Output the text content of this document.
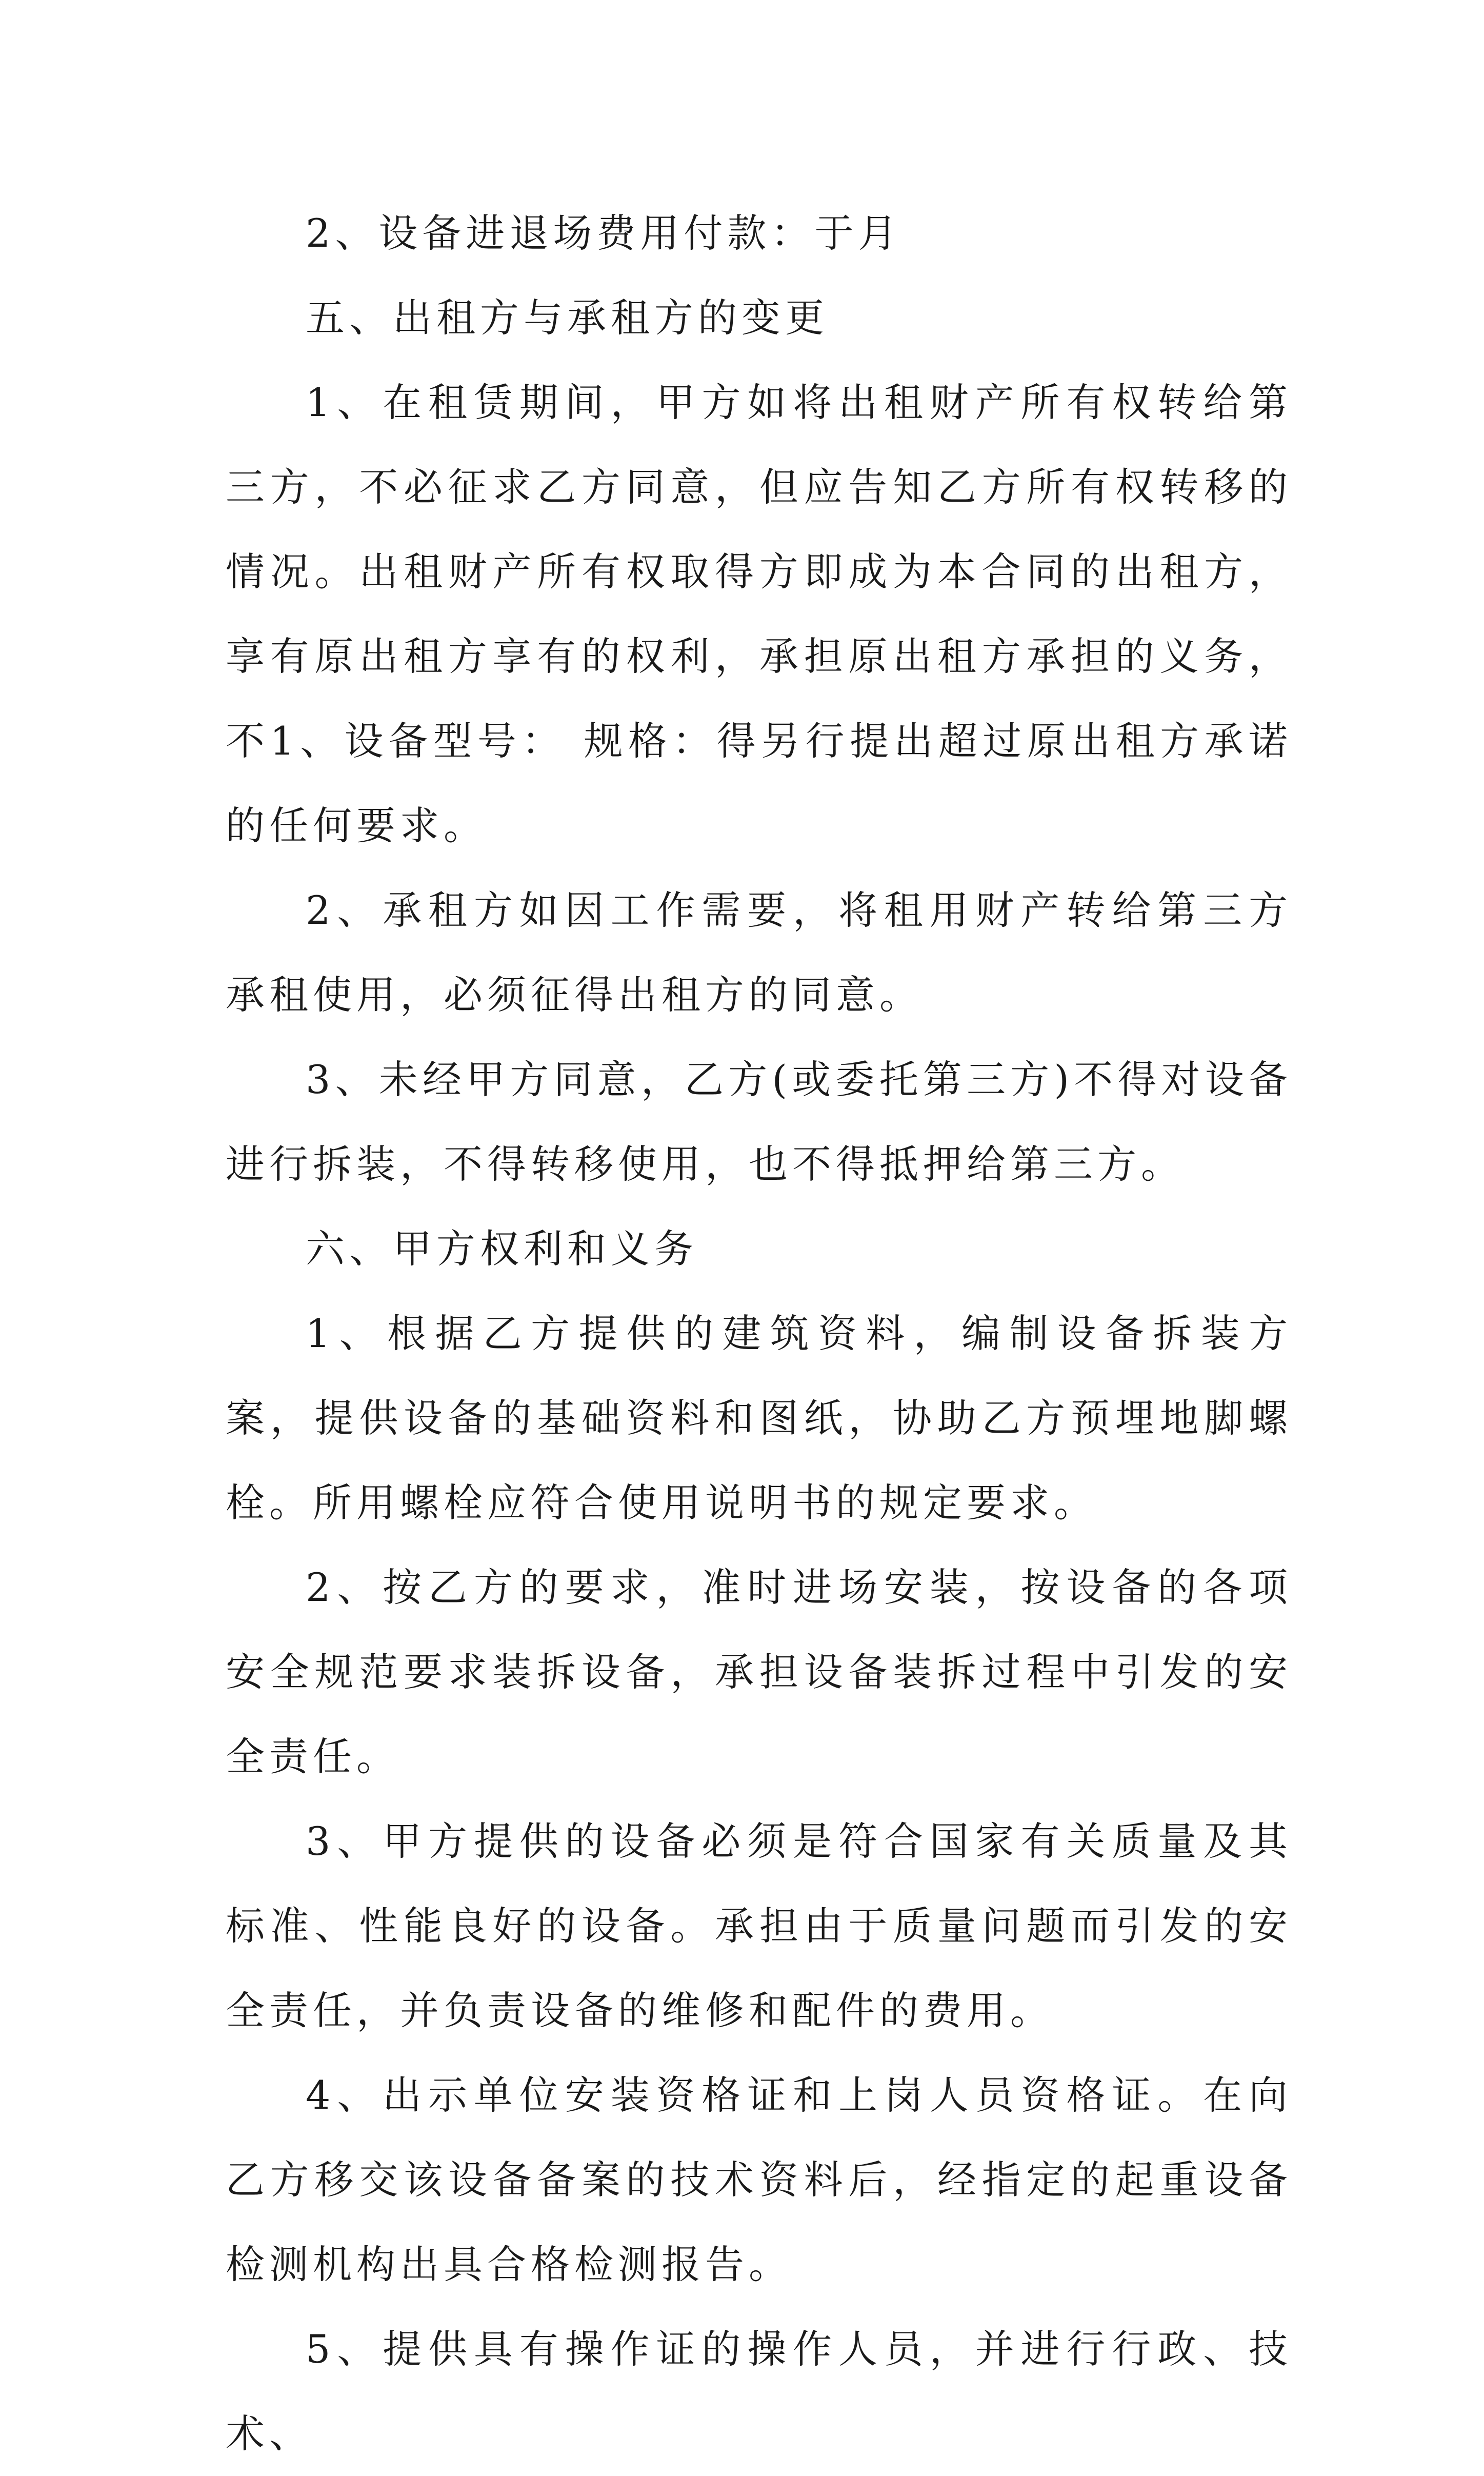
2、设备进退场费用付款：于月

五、出租方与承租方的变更

1、在租赁期间，甲方如将出租财产所有权转给第三方，不必征求乙方同意，但应告知乙方所有权转移的情况。出租财产所有权取得方即成为本合同的出租方，享有原出租方享有的权利，承担原出租方承担的义务，不1、设备型号： 规格：得另行提出超过原出租方承诺的任何要求。

2、承租方如因工作需要，将租用财产转给第三方承租使用，必须征得出租方的同意。

3、未经甲方同意，乙方(或委托第三方)不得对设备进行拆装，不得转移使用，也不得抵押给第三方。

六、甲方权利和义务

1、根据乙方提供的建筑资料，编制设备拆装方案，提供设备的基础资料和图纸，协助乙方预埋地脚螺栓。所用螺栓应符合使用说明书的规定要求。

2、按乙方的要求，准时进场安装，按设备的各项安全规范要求装拆设备，承担设备装拆过程中引发的安全责任。

3、甲方提供的设备必须是符合国家有关质量及其标准、性能良好的设备。承担由于质量问题而引发的安全责任，并负责设备的维修和配件的费用。

4、出示单位安装资格证和上岗人员资格证。在向乙方移交该设备备案的技术资料后，经指定的起重设备检测机构出具合格检测报告。

5、提供具有操作证的操作人员，并进行行政、技术、
